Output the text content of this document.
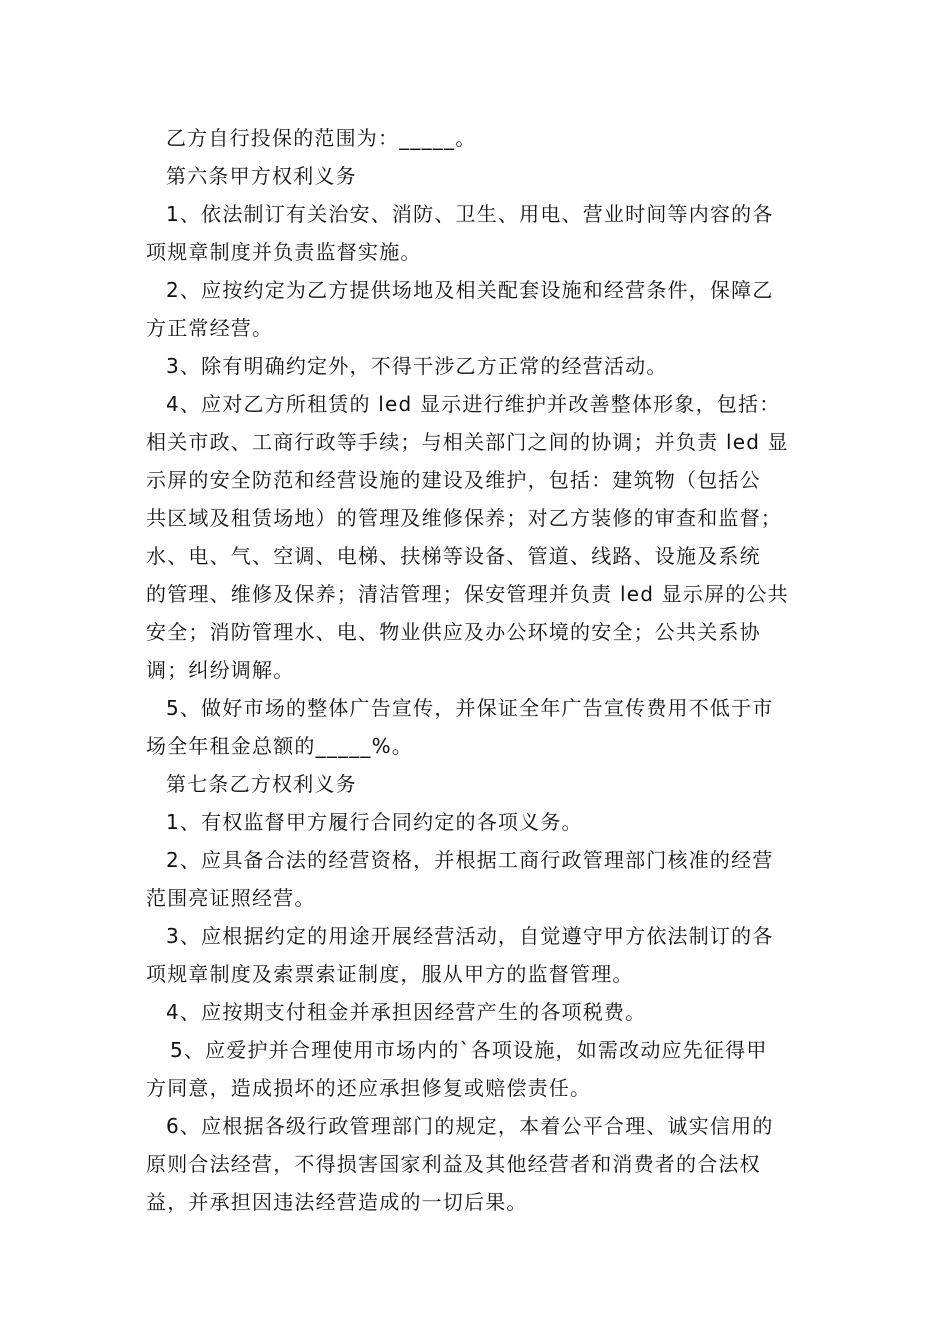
乙方自行投保的范围为：_____。
第六条甲方权利义务
1、依法制订有关治安、消防、卫生、用电、营业时间等内容的各
项规章制度并负责监督实施。
2、应按约定为乙方提供场地及相关配套设施和经营条件，保障乙
方正常经营。
3、除有明确约定外，不得干涉乙方正常的经营活动。
4、应对乙方所租赁的 led 显示进行维护并改善整体形象，包括：
相关市政、工商行政等手续；与相关部门之间的协调；并负责 led 显
示屏的安全防范和经营设施的建设及维护，包括：建筑物（包括公
共区域及租赁场地）的管理及维修保养；对乙方装修的审查和监督；
水、电、气、空调、电梯、扶梯等设备、管道、线路、设施及系统
的管理、维修及保养；清洁管理；保安管理并负责 led 显示屏的公共
安全；消防管理水、电、物业供应及办公环境的安全；公共关系协
调；纠纷调解。
5、做好市场的整体广告宣传，并保证全年广告宣传费用不低于市
场全年租金总额的_____%。
第七条乙方权利义务
1、有权监督甲方履行合同约定的各项义务。
2、应具备合法的经营资格，并根据工商行政管理部门核准的经营
范围亮证照经营。
3、应根据约定的用途开展经营活动，自觉遵守甲方依法制订的各
项规章制度及索票索证制度，服从甲方的监督管理。
4、应按期支付租金并承担因经营产生的各项税费。
5、应爱护并合理使用市场内的`各项设施，如需改动应先征得甲
方同意，造成损坏的还应承担修复或赔偿责任。
6、应根据各级行政管理部门的规定，本着公平合理、诚实信用的
原则合法经营，不得损害国家利益及其他经营者和消费者的合法权
益，并承担因违法经营造成的一切后果。
